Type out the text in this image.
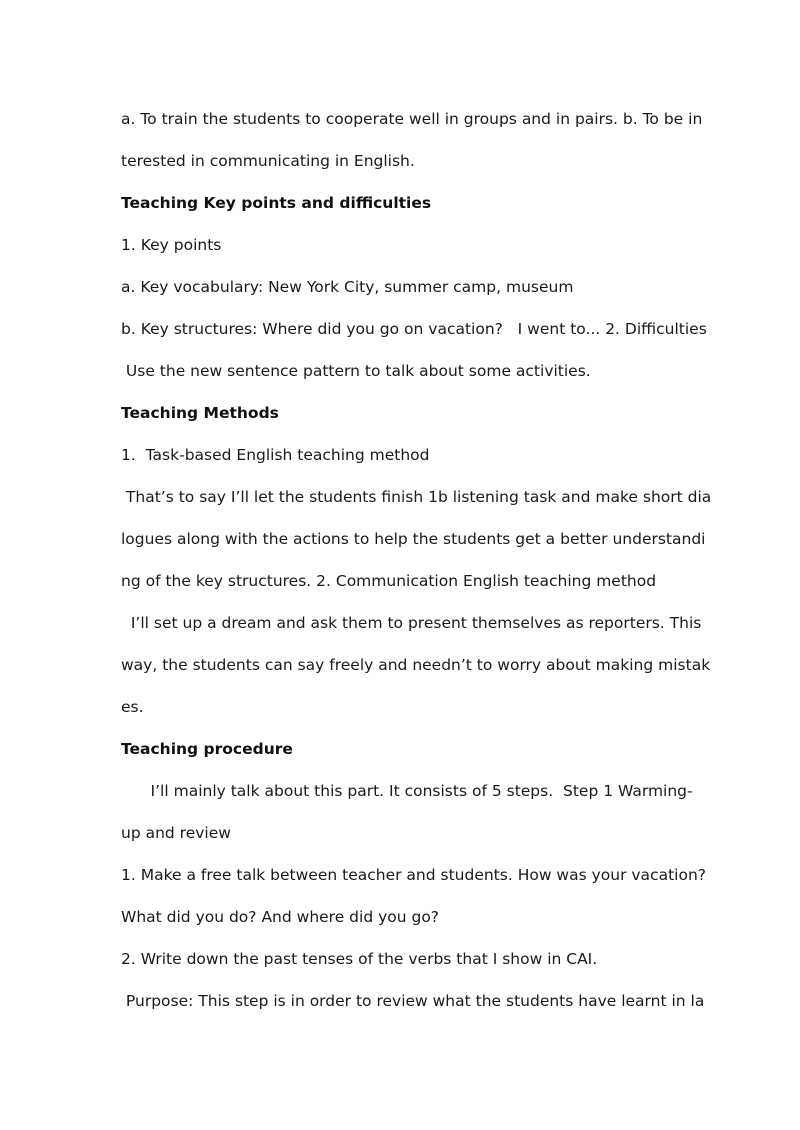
a. To train the students to cooperate well in groups and in pairs. b. To be in
terested in communicating in English.
Teaching Key points and difficulties
1. Key points
a. Key vocabulary: New York City, summer camp, museum
b. Key structures: Where did you go on vacation?   I went to... 2. Difficulties
Use the new sentence pattern to talk about some activities.
Teaching Methods
1.  Task-based English teaching method
That’s to say I’ll let the students finish 1b listening task and make short dia
logues along with the actions to help the students get a better understandi
ng of the key structures. 2. Communication English teaching method
I’ll set up a dream and ask them to present themselves as reporters. This
way, the students can say freely and needn’t to worry about making mistak
es.
Teaching procedure
I’ll mainly talk about this part. It consists of 5 steps.  Step 1 Warming-
up and review
1. Make a free talk between teacher and students. How was your vacation?
What did you do? And where did you go?
2. Write down the past tenses of the verbs that I show in CAI.
Purpose: This step is in order to review what the students have learnt in la
